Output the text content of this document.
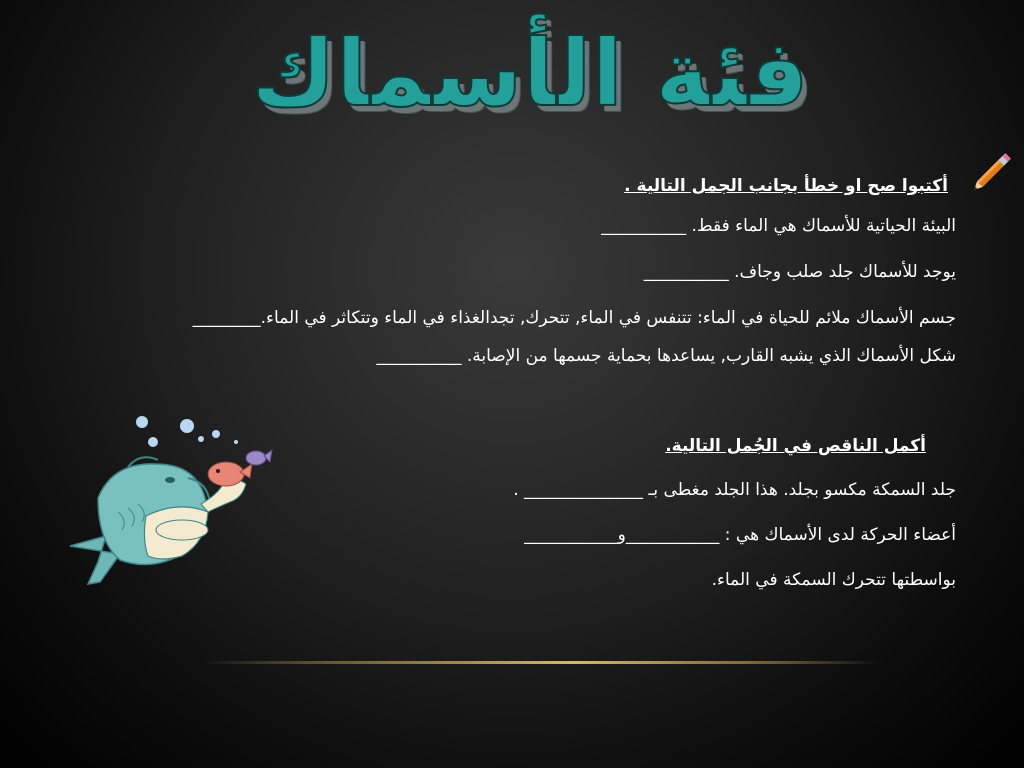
فئة الأسماك

أكتبوا صح او خطأ بجانب الجمل التالية .

البيئة الحياتية للأسماك هي الماء فقط. __________

يوجد للأسماك جلد صلب وجاف. __________

جسم الأسماك ملائم للحياة في الماء: تتنفس في الماء, تتحرك, تجدالغذاء في الماء وتتكاثر في الماء.________

شكل الأسماك الذي يشبه القارب, يساعدها بحماية جسمها من الإصابة. __________

أكمل الناقص في الجُمل التالية.

جلد السمكة مكسو بجلد. هذا الجلد مغطى بـ ______________ .

أعضاء الحركة لدى الأسماك هي : ___________و___________

بواسطتها تتحرك السمكة في الماء.
